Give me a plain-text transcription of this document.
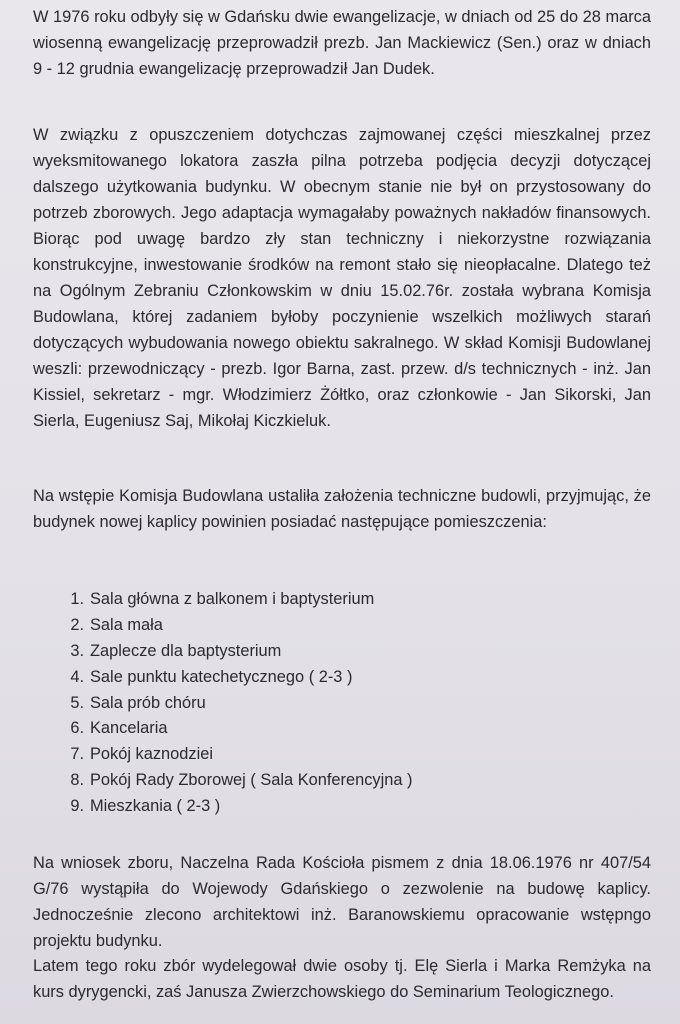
W 1976 roku odbyły się w Gdańsku dwie ewangelizacje, w dniach od 25 do 28 marca wiosenną ewangelizację przeprowadził prezb. Jan Mackiewicz (Sen.) oraz w dniach 9 - 12 grudnia ewangelizację przeprowadził Jan Dudek.

W związku z opuszczeniem dotychczas zajmowanej części mieszkalnej przez wyeksmitowanego lokatora zaszła pilna potrzeba podjęcia decyzji dotyczącej dalszego użytkowania budynku. W obecnym stanie nie był on przystosowany do potrzeb zborowych. Jego adaptacja wymagałaby poważnych nakładów finansowych. Biorąc pod uwagę bardzo zły stan techniczny i niekorzystne rozwiązania konstrukcyjne, inwestowanie środków na remont stało się nieopłacalne. Dlatego też na Ogólnym Zebraniu Członkowskim w dniu 15.02.76r. została wybrana Komisja Budowlana, której zadaniem byłoby poczynienie wszelkich możliwych starań dotyczących wybudowania nowego obiektu sakralnego. W skład Komisji Budowlanej weszli: przewodniczący - prezb. Igor Barna, zast. przew. d/s technicznych - inż. Jan Kissiel, sekretarz - mgr. Włodzimierz Żółtko, oraz członkowie - Jan Sikorski, Jan Sierla, Eugeniusz Saj, Mikołaj Kiczkieluk.

Na wstępie Komisja Budowlana ustaliła założenia techniczne budowli, przyjmując, że budynek nowej kaplicy powinien posiadać następujące pomieszczenia:

1. Sala główna z balkonem i baptysterium
2. Sala mała
3. Zaplecze dla baptysterium
4. Sale punktu katechetycznego ( 2-3 )
5. Sala prób chóru
6. Kancelaria
7. Pokój kaznodziei
8. Pokój Rady Zborowej ( Sala Konferencyjna )
9. Mieszkania ( 2-3 )

Na wniosek zboru, Naczelna Rada Kościoła pismem z dnia 18.06.1976 nr 407/54 G/76 wystąpiła do Wojewody Gdańskiego o zezwolenie na budowę kaplicy. Jednocześnie zlecono architektowi inż. Baranowskiemu opracowanie wstępngo projektu budynku.

Latem tego roku zbór wydelegował dwie osoby tj. Elę Sierla i Marka Remżyka na kurs dyrygencki, zaś Janusza Zwierzchowskiego do Seminarium Teologicznego.
